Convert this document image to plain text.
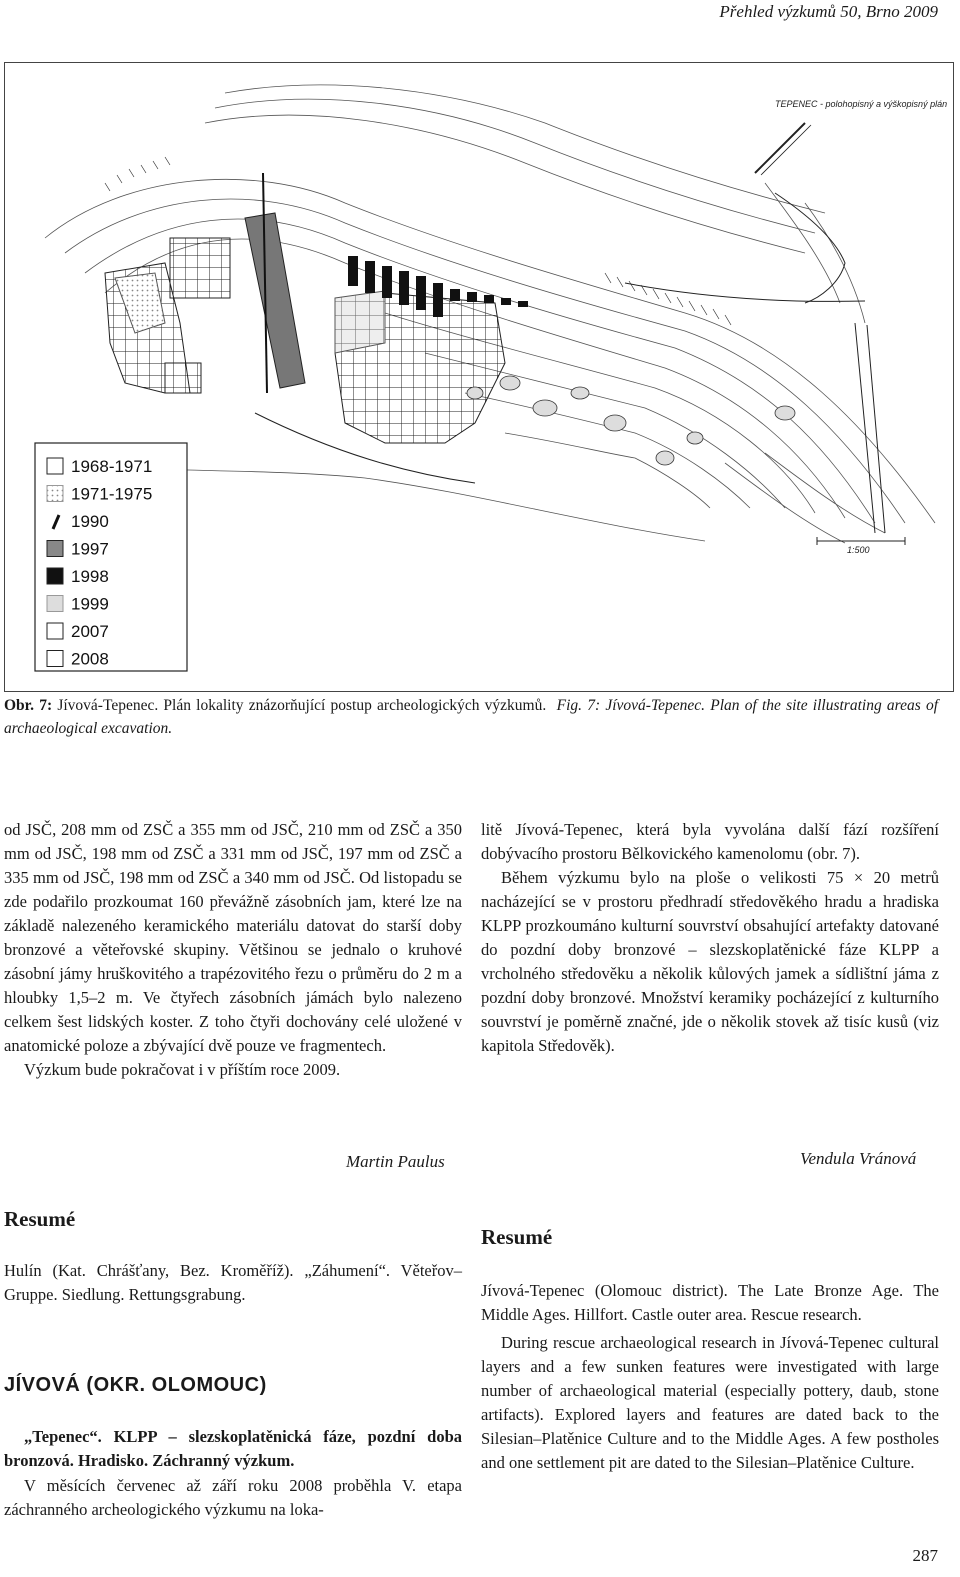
Přehled výzkumů 50, Brno 2009
TEPENEC - polohopisný a výškopisný plán
1:500
1968-1971
1971-1975
1990
1997
1998
1999
2007
2008
Obr. 7: Jívová-Tepenec. Plán lokality znázorňující postup archeologických výzkumů. Fig. 7: Jívová-Tepenec. Plan of the site illustrating areas of archaeological excavation.

od JSČ, 208 mm od ZSČ a 355 mm od JSČ, 210 mm od ZSČ a 350 mm od JSČ, 198 mm od ZSČ a 331 mm od JSČ, 197 mm od ZSČ a 335 mm od JSČ, 198 mm od ZSČ a 340 mm od JSČ. Od listopadu se zde podařilo prozkoumat 160 převážně zásobních jam, které lze na základě nalezeného keramického materiálu datovat do starší doby bronzové a věteřovské skupiny. Většinou se jednalo o kruhové zásobní jámy hruškovitého a trapézovitého řezu o průměru do 2 m a hloubky 1,5–2 m. Ve čtyřech zásobních jámách bylo nalezeno celkem šest lidských koster. Z toho čtyři dochovány celé uložené v anatomické poloze a zbývající dvě pouze ve fragmentech.

Výzkum bude pokračovat i v příštím roce 2009.

Martin Paulus
Resumé
Hulín (Kat. Chrášťany, Bez. Kroměříž). „Záhumení“. Věteřov–Gruppe. Siedlung. Rettungsgrabung.
JÍVOVÁ (OKR. OLOMOUC)
„Tepenec“. KLPP – slezskoplatěnická fáze, pozdní doba bronzová. Hradisko. Záchranný výzkum.
V měsících červenec až září roku 2008 proběhla V. etapa záchranného archeologického výzkumu na loka-

litě Jívová-Tepenec, která byla vyvolána další fází rozšíření dobývacího prostoru Bělkovického kamenolomu (obr. 7).

Během výzkumu bylo na ploše o velikosti 75 × 20 metrů nacházející se v prostoru předhradí středověkého hradu a hradiska KLPP prozkoumáno kulturní souvrství obsahující artefakty datované do pozdní doby bronzové – slezskoplatěnické fáze KLPP a vrcholného středověku a několik kůlových jamek a sídlištní jáma z pozdní doby bronzové. Množství keramiky pocházející z kulturního souvrství je poměrně značné, jde o několik stovek až tisíc kusů (viz kapitola Středověk).

Vendula Vránová
Resumé

Jívová-Tepenec (Olomouc district). The Late Bronze Age. The Middle Ages. Hillfort. Castle outer area. Rescue research.

During rescue archaeological research in Jívová-Tepenec cultural layers and a few sunken features were investigated with large number of archaeological material (especially pottery, daub, stone artifacts). Explored layers and features are dated back to the Silesian–Platěnice Culture and to the Middle Ages. A few postholes and one settlement pit are dated to the Silesian–Platěnice Culture.

287
